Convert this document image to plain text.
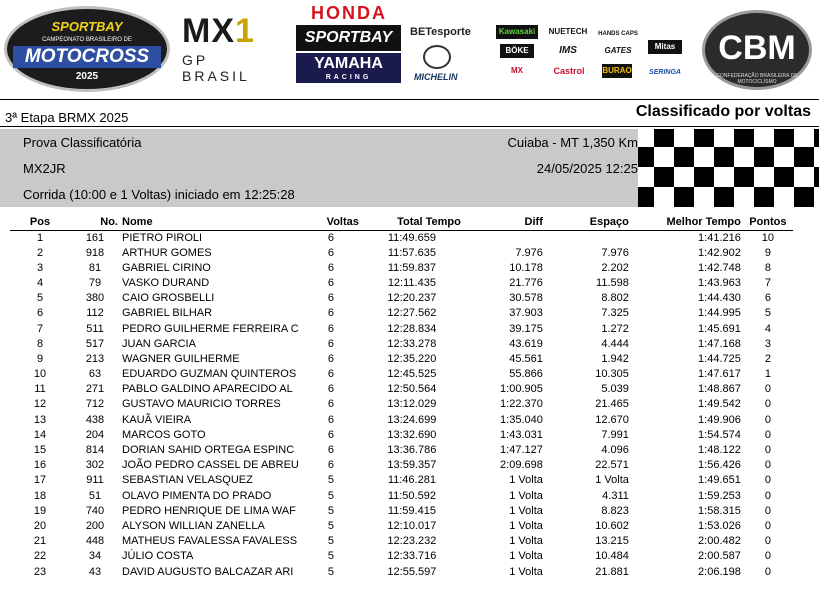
SPORTBAY
CAMPEONATO BRASILEIRO DE
MOTOCROSS
2025
MX1
GP BRASIL
HONDA
SPORTBAY
YAMAHA
RACING
BETesporte
MICHELIN
Kawasaki
BÖKE
MX
NUETECH
IMS
Castrol
HANDS CAPS
GATES
BURAO
Mitas
SERINGA
CBM
CONFEDERAÇÃO BRASILEIRA DE MOTOCICLISMO
3ª Etapa BRMX 2025	Classificado por voltas
Prova Classificatória	Cuiaba - MT 1,350 Km
MX2JR	24/05/2025 12:25
Corrida (10:00 e 1 Voltas) iniciado em 12:25:28
Pos	No.	Nome	Voltas	Total Tempo	Diff	Espaço	Melhor Tempo	Pontos
1	161	PIETRO PIROLI	6	11:49.659			1:41.216	10
2	918	ARTHUR GOMES	6	11:57.635	7.976	7.976	1:42.902	9
3	81	GABRIEL CIRINO	6	11:59.837	10.178	2.202	1:42.748	8
4	79	VASKO DURAND	6	12:11.435	21.776	11.598	1:43.963	7
5	380	CAIO GROSBELLI	6	12:20.237	30.578	8.802	1:44.430	6
6	112	GABRIEL BILHAR	6	12:27.562	37.903	7.325	1:44.995	5
7	511	PEDRO GUILHERME FERREIRA C	6	12:28.834	39.175	1.272	1:45.691	4
8	517	JUAN GARCIA	6	12:33.278	43.619	4.444	1:47.168	3
9	213	WAGNER GUILHERME	6	12:35.220	45.561	1.942	1:44.725	2
10	63	EDUARDO GUZMAN QUINTEROS	6	12:45.525	55.866	10.305	1:47.617	1
11	271	PABLO GALDINO APARECIDO AL	6	12:50.564	1:00.905	5.039	1:48.867	0
12	712	GUSTAVO MAURICIO TORRES	6	13:12.029	1:22.370	21.465	1:49.542	0
13	438	KAUÃ VIEIRA	6	13:24.699	1:35.040	12.670	1:49.906	0
14	204	MARCOS GOTO	6	13:32.690	1:43.031	7.991	1:54.574	0
15	814	DORIAN SAHID ORTEGA ESPINC	6	13:36.786	1:47.127	4.096	1:48.122	0
16	302	JOÃO PEDRO CASSEL DE ABREU	6	13:59.357	2:09.698	22.571	1:56.426	0
17	911	SEBASTIAN VELASQUEZ	5	11:46.281	1 Volta	1 Volta	1:49.651	0
18	51	OLAVO PIMENTA DO PRADO	5	11:50.592	1 Volta	4.311	1:59.253	0
19	740	PEDRO HENRIQUE DE LIMA WAF	5	11:59.415	1 Volta	8.823	1:58.315	0
20	200	ALYSON WILLIAN ZANELLA	5	12:10.017	1 Volta	10.602	1:53.026	0
21	448	MATHEUS FAVALESSA FAVALESS	5	12:23.232	1 Volta	13.215	2:00.482	0
22	34	JÚLIO COSTA	5	12:33.716	1 Volta	10.484	2:00.587	0
23	43	DAVID AUGUSTO BALCAZAR ARI	5	12:55.597	1 Volta	21.881	2:06.198	0
